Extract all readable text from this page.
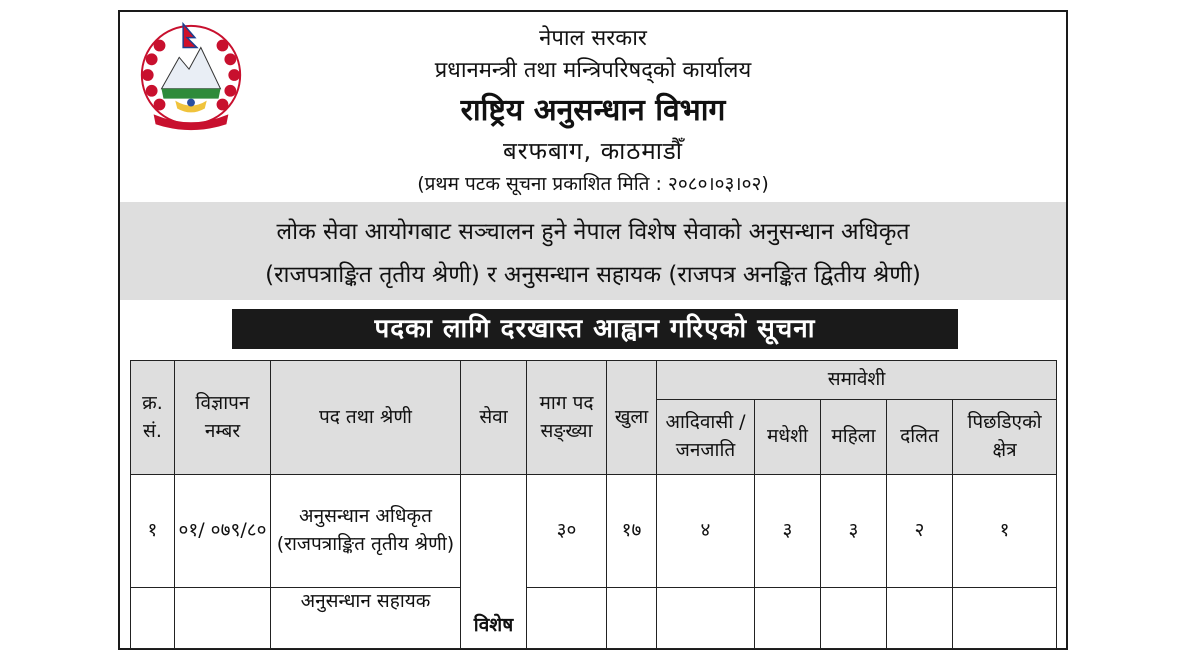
नेपाल सरकार
प्रधानमन्त्री तथा मन्त्रिपरिषद्को कार्यालय
राष्ट्रिय अनुसन्धान विभाग
बरफबाग, काठमाडौँ
(प्रथम पटक सूचना प्रकाशित मिति : २०८०।०३।०२)
लोक सेवा आयोगबाट सञ्चालन हुने नेपाल विशेष सेवाको अनुसन्धान अधिकृत
(राजपत्राङ्कित तृतीय श्रेणी) र अनुसन्धान सहायक (राजपत्र अनङ्कित द्वितीय श्रेणी)
पदका लागि दरखास्त आह्वान गरिएको सूचना
क्र. सं.	विज्ञापन नम्बर	पद तथा श्रेणी	सेवा	माग पद सङ्ख्या	खुला	समावेशी				
						आदिवासी / जनजाति	मधेशी	महिला	दलित	पिछडिएको क्षेत्र
१	०१/ ०७९/८०	अनुसन्धान अधिकृत (राजपत्राङ्कित तृतीय श्रेणी)	विशेष	३०	१७	४	३	३	२	१
		अनुसन्धान सहायक								
